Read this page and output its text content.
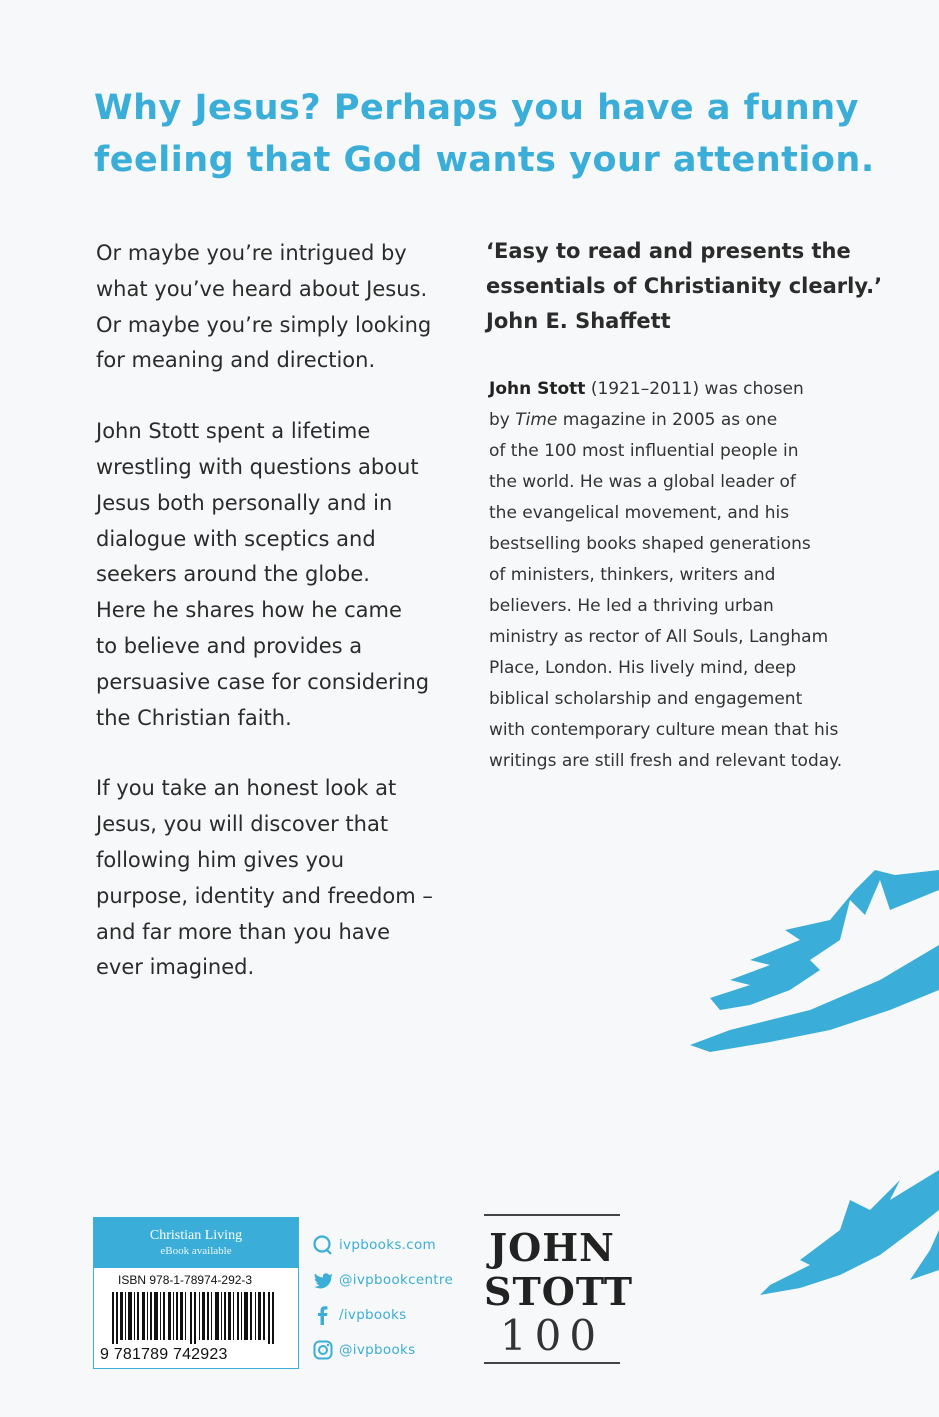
Why Jesus? Perhaps you have a funny
feeling that God wants your attention.
Or maybe you’re intrigued by
what you’ve heard about Jesus.
Or maybe you’re simply looking
for meaning and direction.
John Stott spent a lifetime
wrestling with questions about
Jesus both personally and in
dialogue with sceptics and
seekers around the globe.
Here he shares how he came
to believe and provides a
persuasive case for considering
the Christian faith.
If you take an honest look at
Jesus, you will discover that
following him gives you
purpose, identity and freedom –
and far more than you have
ever imagined.
‘Easy to read and presents the
essentials of Christianity clearly.’
John E. Shaffett
John Stott (1921–2011) was chosen
by Time magazine in 2005 as one
of the 100 most influential people in
the world. He was a global leader of
the evangelical movement, and his
bestselling books shaped generations
of ministers, thinkers, writers and
believers. He led a thriving urban
ministry as rector of All Souls, Langham
Place, London. His lively mind, deep
biblical scholarship and engagement
with contemporary culture mean that his
writings are still fresh and relevant today.
Christian Living
eBook available
ISBN 978-1-78974-292-3
9 781789 742923
ivpbooks.com
@ivpbookcentre
/ivpbooks
@ivpbooks
JOHN
STOTT
100
